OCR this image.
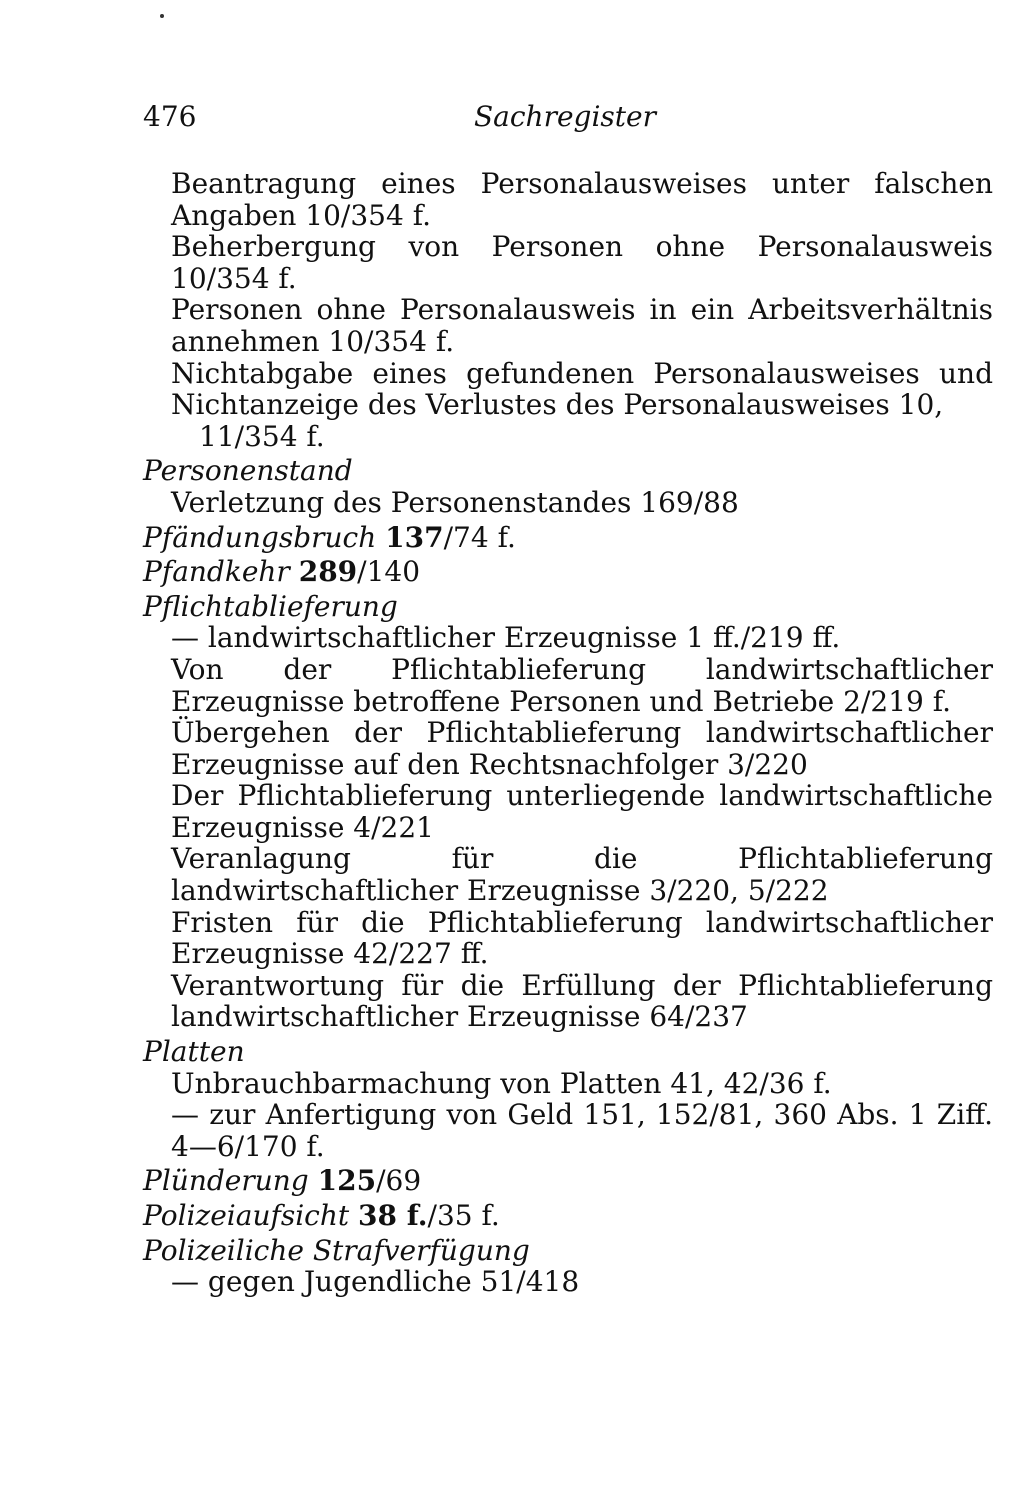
476	Sachregister
Beantragung eines Personalausweises unter falschen Angaben 10/354 f.
Beherbergung von Personen ohne Personalausweis 10/354 f.
Personen ohne Personalausweis in ein Arbeitsverhältnis annehmen 10/354 f.
Nichtabgabe eines gefundenen Personalausweises und Nichtanzeige des Verlustes des Personalausweises 10,
11/354 f.
Personenstand
Verletzung des Personenstandes 169/88
Pfändungsbruch 137/74 f.
Pfandkehr 289/140
Pflichtablieferung
— landwirtschaftlicher Erzeugnisse 1 ff./219 ff.
Von der Pflichtablieferung landwirtschaftlicher Erzeugnisse betroffene Personen und Betriebe 2/219 f.
Übergehen der Pflichtablieferung landwirtschaftlicher Erzeugnisse auf den Rechtsnachfolger 3/220
Der Pflichtablieferung unterliegende landwirtschaftliche Erzeugnisse 4/221
Veranlagung für die Pflichtablieferung landwirtschaftlicher Erzeugnisse 3/220, 5/222
Fristen für die Pflichtablieferung landwirtschaftlicher Erzeugnisse 42/227 ff.
Verantwortung für die Erfüllung der Pflichtablieferung landwirtschaftlicher Erzeugnisse 64/237
Platten
Unbrauchbarmachung von Platten 41, 42/36 f.
— zur Anfertigung von Geld 151, 152/81, 360 Abs. 1 Ziff. 4—6/170 f.
Plünderung 125/69
Polizeiaufsicht 38 f./35 f.
Polizeiliche Strafverfügung
— gegen Jugendliche 51/418
